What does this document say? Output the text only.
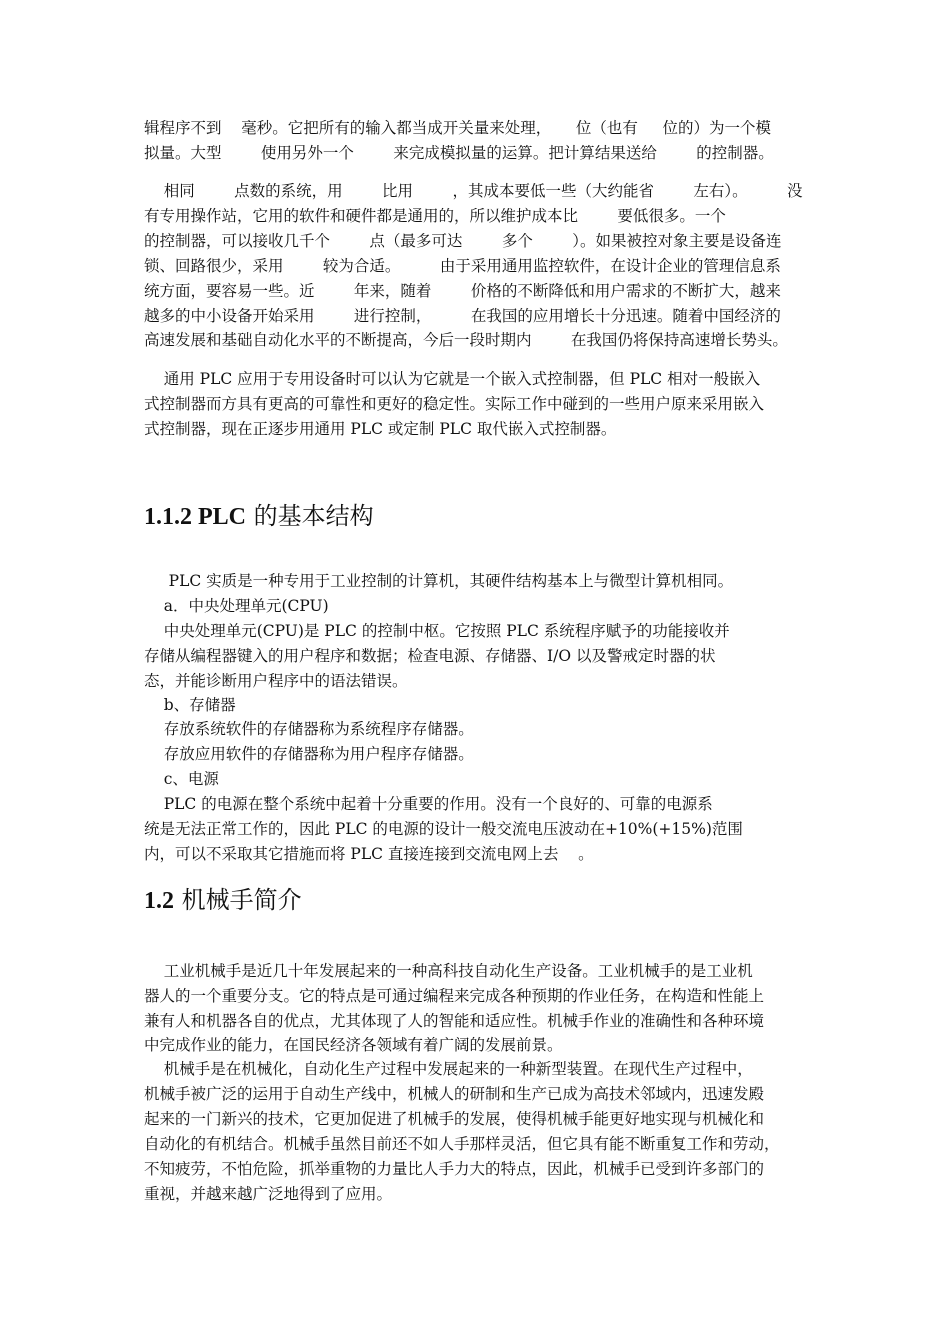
辑程序不到    毫秒。它把所有的输入都当成开关量来处理，     位（也有     位的）为一个模
拟量。大型        使用另外一个        来完成模拟量的运算。把计算结果送给        的控制器。
相同        点数的系统，用        比用        ，其成本要低一些（大约能省        左右）。        没
有专用操作站，它用的软件和硬件都是通用的，所以维护成本比        要低很多。一个
的控制器，可以接收几千个        点（最多可达        多个        ）。如果被控对象主要是设备连
锁、回路很少，采用        较为合适。        由于采用通用监控软件，在设计企业的管理信息系
统方面，要容易一些。近        年来，随着        价格的不断降低和用户需求的不断扩大，越来
越多的中小设备开始采用        进行控制，        在我国的应用增长十分迅速。随着中国经济的
高速发展和基础自动化水平的不断提高，今后一段时期内        在我国仍将保持高速增长势头。
通用 PLC 应用于专用设备时可以认为它就是一个嵌入式控制器，但 PLC 相对一般嵌入
式控制器而方具有更高的可靠性和更好的稳定性。实际工作中碰到的一些用户原来采用嵌入
式控制器，现在正逐步用通用 PLC 或定制 PLC 取代嵌入式控制器。
1.1.2 PLC 的基本结构
PLC 实质是一种专用于工业控制的计算机，其硬件结构基本上与微型计算机相同。
a．中央处理单元(CPU)
中央处理单元(CPU)是 PLC 的控制中枢。它按照 PLC 系统程序赋予的功能接收并
存储从编程器键入的用户程序和数据；检查电源、存储器、I/O 以及警戒定时器的状
态，并能诊断用户程序中的语法错误。
b、存储器
存放系统软件的存储器称为系统程序存储器。
存放应用软件的存储器称为用户程序存储器。
c、电源
PLC 的电源在整个系统中起着十分重要的作用。没有一个良好的、可靠的电源系
统是无法正常工作的，因此 PLC 的电源的设计一般交流电压波动在+10%(+15%)范围
内，可以不采取其它措施而将 PLC 直接连接到交流电网上去    。
1.2 机械手简介
工业机械手是近几十年发展起来的一种高科技自动化生产设备。工业机械手的是工业机
器人的一个重要分支。它的特点是可通过编程来完成各种预期的作业任务，在构造和性能上
兼有人和机器各自的优点，尤其体现了人的智能和适应性。机械手作业的准确性和各种环境
中完成作业的能力，在国民经济各领域有着广阔的发展前景。
机械手是在机械化，自动化生产过程中发展起来的一种新型装置。在现代生产过程中，
机械手被广泛的运用于自动生产线中，机械人的研制和生产已成为高技术邻域内，迅速发殿
起来的一门新兴的技术，它更加促进了机械手的发展，使得机械手能更好地实现与机械化和
自动化的有机结合。机械手虽然目前还不如人手那样灵活，但它具有能不断重复工作和劳动，
不知疲劳，不怕危险，抓举重物的力量比人手力大的特点，因此，机械手已受到许多部门的
重视，并越来越广泛地得到了应用。
